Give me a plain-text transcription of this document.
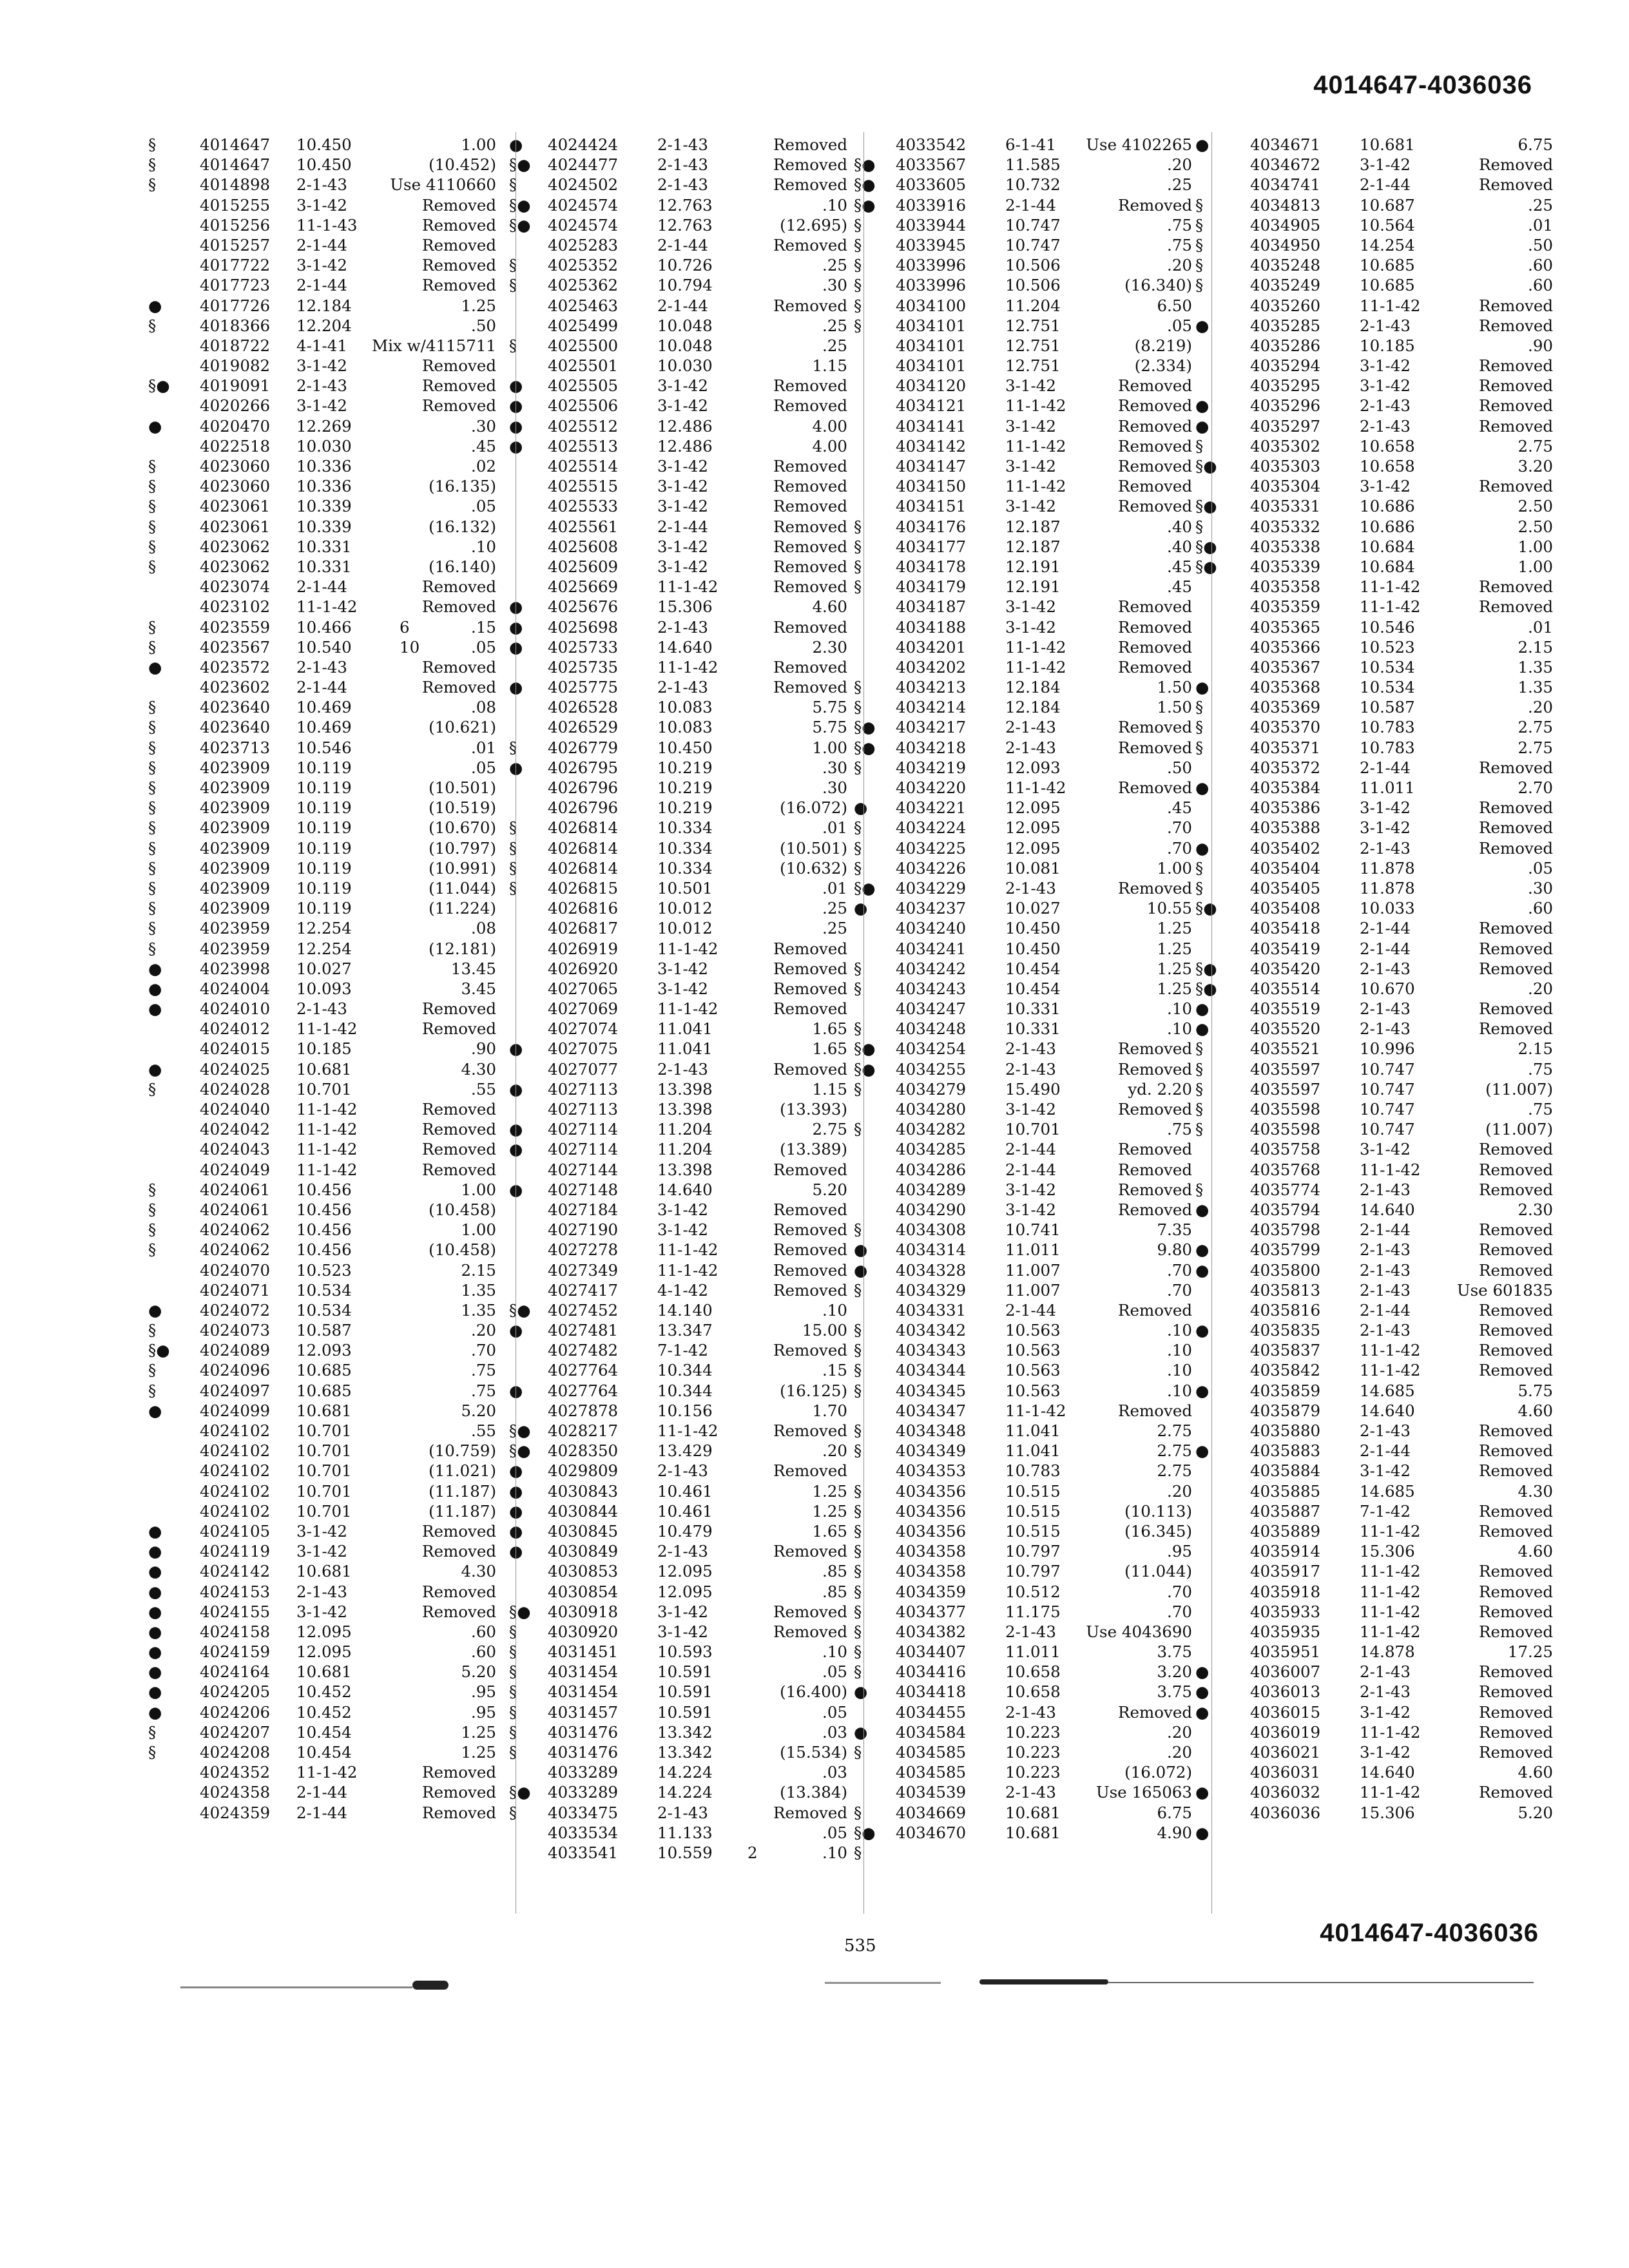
4014647-4036036
§	4014647 10.450	1.00 ●
§	4014647 10.450	(10.452) §●
§	4014898 2-1-43	Use 4110660 §
4015255 3-1-42	Removed §●
4015256 11-1-43	Removed §●
4015257 2-1-44	Removed
4017722 3-1-42	Removed §
4017723 2-1-44	Removed §
● 4017726 12.184	1.25
§	4018366 12.204	.50
4018722 4-1-41 Mix w/4115711 §
4019082 3-1-42	Removed
§● 4019091 2-1-43	Removed ●
4020266 3-1-42	Removed ●
● 4020470 12.269	.30 ●
4022518 10.030	.45 ●
§	4023060 10.336	.02
§	4023060 10.336	(16.135)
§	4023061 10.339	.05
§	4023061 10.339	(16.132)
§	4023062 10.331	.10
§	4023062 10.331	(16.140)
4023074 2-1-44	Removed
4023102 11-1-42	Removed ●
§	4023559 10.466	6	.15 ●
§	4023567 10.540	10	.05 ●
● 4023572 2-1-43	Removed
4023602 2-1-44	Removed ●
§	4023640 10.469	.08
§	4023640 10.469	(10.621)
§	4023713 10.546	.01 §
§	4023909 10.119	.05 ●
§	4023909 10.119	(10.501)
§	4023909 10.119	(10.519)
§	4023909 10.119	(10.670) §
§	4023909 10.119	(10.797) §
§	4023909 10.119	(10.991) §
§	4023909 10.119	(11.044) §
§	4023909 10.119	(11.224)
§	4023959 12.254	.08
§	4023959 12.254	(12.181)
● 4023998 10.027	13.45
● 4024004 10.093	3.45
● 4024010 2-1-43	Removed
4024012 11-1-42	Removed
4024015 10.185	.90 ●
● 4024025 10.681	4.30
§	4024028 10.701	.55 ●
4024040 11-1-42	Removed
4024042 11-1-42	Removed ●
4024043 11-1-42	Removed ●
4024049 11-1-42	Removed
§	4024061 10.456	1.00 ●
§	4024061 10.456	(10.458)
§	4024062 10.456	1.00
§	4024062 10.456	(10.458)
4024070 10.523	2.15
4024071 10.534	1.35
● 4024072 10.534	1.35 §●
§	4024073 10.587	.20 ●
§● 4024089 12.093	.70
§	4024096 10.685	.75
§	4024097 10.685	.75 ●
● 4024099 10.681	5.20
4024102 10.701	.55 §●
4024102 10.701	(10.759) §●
4024102 10.701	(11.021) ●
4024102 10.701	(11.187) ●
4024102 10.701	(11.187) ●
● 4024105 3-1-42	Removed ●
● 4024119 3-1-42	Removed ●
● 4024142 10.681	4.30
● 4024153 2-1-43	Removed
● 4024155 3-1-42	Removed §●
● 4024158 12.095	.60 §
● 4024159 12.095	.60 §
● 4024164 10.681	5.20 §
● 4024205 10.452	.95 §
● 4024206 10.452	.95 §
§	4024207 10.454	1.25 §
§	4024208 10.454	1.25 §
4024352 11-1-42	Removed
4024358 2-1-44	Removed §●
4024359 2-1-44	Removed §
4024424 2-1-43	Removed
4024477 2-1-43	Removed §●
4024502 2-1-43	Removed §●
4024574 12.763	.10 §●
4024574 12.763	(12.695) §
4025283 2-1-44	Removed §
4025352 10.726	.25 §
4025362 10.794	.30 §
4025463 2-1-44	Removed §
4025499 10.048	.25 §
4025500 10.048	.25
4025501 10.030	1.15
4025505 3-1-42	Removed
4025506 3-1-42	Removed
4025512 12.486	4.00
4025513 12.486	4.00
4025514 3-1-42	Removed
4025515 3-1-42	Removed
4025533 3-1-42	Removed
4025561 2-1-44	Removed §
4025608 3-1-42	Removed §
4025609 3-1-42	Removed §
4025669 11-1-42	Removed §
4025676 15.306	4.60
4025698 2-1-43	Removed
4025733 14.640	2.30
4025735 11-1-42	Removed
4025775 2-1-43	Removed §
4026528 10.083	5.75 §
4026529 10.083	5.75 §●
4026779 10.450	1.00 §●
4026795 10.219	.30 §
4026796 10.219	.30
4026796 10.219	(16.072) ●
4026814 10.334	.01 §
4026814 10.334	(10.501) §
4026814 10.334	(10.632) §
4026815 10.501	.01 §●
4026816 10.012	.25 ●
4026817 10.012	.25
4026919 11-1-42	Removed
4026920 3-1-42	Removed §
4027065 3-1-42	Removed §
4027069 11-1-42	Removed
4027074 11.041	1.65 §
4027075 11.041	1.65 §●
4027077 2-1-43	Removed §●
4027113 13.398	1.15 §
4027113 13.398	(13.393)
4027114 11.204	2.75 §
4027114 11.204	(13.389)
4027144 13.398	Removed
4027148 14.640	5.20
4027184 3-1-42	Removed
4027190 3-1-42	Removed §
4027278 11-1-42	Removed ●
4027349 11-1-42	Removed ●
4027417 4-1-42	Removed §
4027452 14.140	.10
4027481 13.347	15.00 §
4027482 7-1-42	Removed §
4027764 10.344	.15 §
4027764 10.344	(16.125) §
4027878 10.156	1.70
4028217 11-1-42	Removed §
4028350 13.429	.20 §
4029809 2-1-43	Removed
4030843 10.461	1.25 §
4030844 10.461	1.25 §
4030845 10.479	1.65 §
4030849 2-1-43	Removed §
4030853 12.095	.85 §
4030854 12.095	.85 §
4030918 3-1-42	Removed §
4030920 3-1-42	Removed §
4031451 10.593	.10 §
4031454 10.591	.05 §
4031454 10.591	(16.400) ●
4031457 10.591	.05
4031476 13.342	.03 ●
4031476 13.342	(15.534) §
4033289 14.224	.03
4033289 14.224	(13.384)
4033475 2-1-43	Removed §
4033534 11.133	.05 §●
4033541 10.559 2	.10 §
4033542 6-1-41 Use 4102265 ●
4033567 11.585	.20
4033605 10.732	.25
4033916 2-1-44	Removed §
4033944 10.747	.75 §
4033945 10.747	.75 §
4033996 10.506	.20 §
4033996 10.506	(16.340) §
4034100 11.204	6.50
4034101 12.751	.05 ●
4034101 12.751	(8.219)
4034101 12.751	(2.334)
4034120 3-1-42	Removed
4034121 11-1-42	Removed ●
4034141 3-1-42	Removed ●
4034142 11-1-42	Removed §
4034147 3-1-42	Removed §●
4034150 11-1-42	Removed
4034151 3-1-42	Removed §●
4034176 12.187	.40 §
4034177 12.187	.40 §●
4034178 12.191	.45 §●
4034179 12.191	.45
4034187 3-1-42	Removed
4034188 3-1-42	Removed
4034201 11-1-42	Removed
4034202 11-1-42	Removed
4034213 12.184	1.50 ●
4034214 12.184	1.50 §
4034217 2-1-43	Removed §
4034218 2-1-43	Removed §
4034219 12.093	.50
4034220 11-1-42	Removed ●
4034221 12.095	.45
4034224 12.095	.70
4034225 12.095	.70 ●
4034226 10.081	1.00 §
4034229 2-1-43	Removed §
4034237 10.027	10.55 §●
4034240 10.450	1.25
4034241 10.450	1.25
4034242 10.454	1.25 §●
4034243 10.454	1.25 §●
4034247 10.331	.10 ●
4034248 10.331	.10 ●
4034254 2-1-43	Removed §
4034255 2-1-43	Removed §
4034279 15.490	yd. 2.20 §
4034280 3-1-42	Removed §
4034282 10.701	.75 §
4034285 2-1-44	Removed
4034286 2-1-44	Removed
4034289 3-1-42	Removed §
4034290 3-1-42	Removed ●
4034308 10.741	7.35
4034314 11.011	9.80 ●
4034328 11.007	.70 ●
4034329 11.007	.70
4034331 2-1-44	Removed
4034342 10.563	.10 ●
4034343 10.563	.10
4034344 10.563	.10
4034345 10.563	.10 ●
4034347 11-1-42	Removed
4034348 11.041	2.75
4034349 11.041	2.75 ●
4034353 10.783	2.75
4034356 10.515	.20
4034356 10.515	(10.113)
4034356 10.515	(16.345)
4034358 10.797	.95
4034358 10.797	(11.044)
4034359 10.512	.70
4034377 11.175	.70
4034382 2-1-43 Use 4043690
4034407 11.011	3.75
4034416 10.658	3.20 ●
4034418 10.658	3.75 ●
4034455 2-1-43	Removed ●
4034584 10.223	.20
4034585 10.223	.20
4034585 10.223	(16.072)
4034539 2-1-43	Use 165063 ●
4034669 10.681	6.75
4034670 10.681	4.90 ●
4034671 10.681	6.75
4034672 3-1-42	Removed
4034741 2-1-44	Removed
4034813 10.687	.25
4034905 10.564	.01
4034950 14.254	.50
4035248 10.685	.60
4035249 10.685	.60
4035260 11-1-42	Removed
4035285 2-1-43	Removed
4035286 10.185	.90
4035294 3-1-42	Removed
4035295 3-1-42	Removed
4035296 2-1-43	Removed
4035297 2-1-43	Removed
4035302 10.658	2.75
4035303 10.658	3.20
4035304 3-1-42	Removed
4035331 10.686	2.50
4035332 10.686	2.50
4035338 10.684	1.00
4035339 10.684	1.00
4035358 11-1-42	Removed
4035359 11-1-42	Removed
4035365 10.546	.01
4035366 10.523	2.15
4035367 10.534	1.35
4035368 10.534	1.35
4035369 10.587	.20
4035370 10.783	2.75
4035371 10.783	2.75
4035372 2-1-44	Removed
4035384 11.011	2.70
4035386 3-1-42	Removed
4035388 3-1-42	Removed
4035402 2-1-43	Removed
4035404 11.878	.05
4035405 11.878	.30
4035408 10.033	.60
4035418 2-1-44	Removed
4035419 2-1-44	Removed
4035420 2-1-43	Removed
4035514 10.670	.20
4035519 2-1-43	Removed
4035520 2-1-43	Removed
4035521 10.996	2.15
4035597 10.747	.75
4035597 10.747	(11.007)
4035598 10.747	.75
4035598 10.747	(11.007)
4035758 3-1-42	Removed
4035768 11-1-42	Removed
4035774 2-1-43	Removed
4035794 14.640	2.30
4035798 2-1-44	Removed
4035799 2-1-43	Removed
4035800 2-1-43	Removed
4035813 2-1-43	Use 601835
4035816 2-1-44	Removed
4035835 2-1-43	Removed
4035837 11-1-42	Removed
4035842 11-1-42	Removed
4035859 14.685	5.75
4035879 14.640	4.60
4035880 2-1-43	Removed
4035883 2-1-44	Removed
4035884 3-1-42	Removed
4035885 14.685	4.30
4035887 7-1-42	Removed
4035889 11-1-42	Removed
4035914 15.306	4.60
4035917 11-1-42	Removed
4035918 11-1-42	Removed
4035933 11-1-42	Removed
4035935 11-1-42	Removed
4035951 14.878	17.25
4036007 2-1-43	Removed
4036013 2-1-43	Removed
4036015 3-1-42	Removed
4036019 11-1-42	Removed
4036021 3-1-42	Removed
4036031 14.640	4.60
4036032 11-1-42	Removed
4036036 15.306	5.20
535	4014647-4036036
